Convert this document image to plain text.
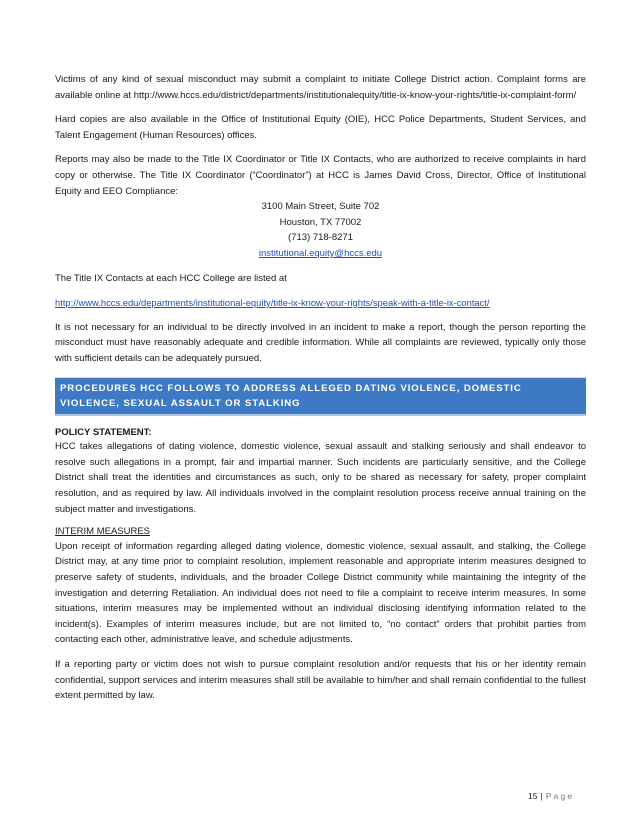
Victims of any kind of sexual misconduct may submit a complaint to initiate College District action. Complaint forms are available online at http://www.hccs.edu/district/departments/institutionalequity/title-ix-know-your-rights/title-ix-complaint-form/

Hard copies are also available in the Office of Institutional Equity (OIE), HCC Police Departments, Student Services, and Talent Engagement (Human Resources) offices.

Reports may also be made to the Title IX Coordinator or Title IX Contacts, who are authorized to receive complaints in hard copy or otherwise. The Title IX Coordinator (“Coordinator”) at HCC is James David Cross, Director, Office of Institutional Equity and EEO Compliance:

3100 Main Street, Suite 702

Houston, TX 77002

(713) 718-8271

institutional.equity@hccs.edu

The Title IX Contacts at each HCC College are listed at

http://www.hccs.edu/departments/institutional-equity/title-ix-know-your-rights/speak-with-a-title-ix-contact/

It is not necessary for an individual to be directly involved in an incident to make a report, though the person reporting the misconduct must have reasonably adequate and credible information. While all complaints are reviewed, typically only those with sufficient details can be adequately pursued.

PROCEDURES HCC FOLLOWS TO ADDRESS ALLEGED DATING VIOLENCE, DOMESTIC VIOLENCE, SEXUAL ASSAULT OR STALKING
POLICY STATEMENT:

HCC takes allegations of dating violence, domestic violence, sexual assault and stalking seriously and shall endeavor to resolve such allegations in a prompt, fair and impartial manner. Such incidents are particularly sensitive, and the College District shall treat the identities and circumstances as such, only to be shared as necessary for safety, proper complaint resolution, and as required by law. All individuals involved in the complaint resolution process receive annual training on the subject matter and investigations.

INTERIM MEASURES

Upon receipt of information regarding alleged dating violence, domestic violence, sexual assault, and stalking, the College District may, at any time prior to complaint resolution, implement reasonable and appropriate interim measures designed to preserve safety of students, individuals, and the broader College District community while maintaining the integrity of the investigation and deterring Retaliation. An individual does not need to file a complaint to receive interim measures. In some situations, interim measures may be implemented without an individual disclosing identifying information related to the incident(s). Examples of interim measures include, but are not limited to, “no contact” orders that prohibit parties from contacting each other, administrative leave, and schedule adjustments.

If a reporting party or victim does not wish to pursue complaint resolution and/or requests that his or her identity remain confidential, support services and interim measures shall still be available to him/her and shall remain confidential to the fullest extent permitted by law.

15 | Page
